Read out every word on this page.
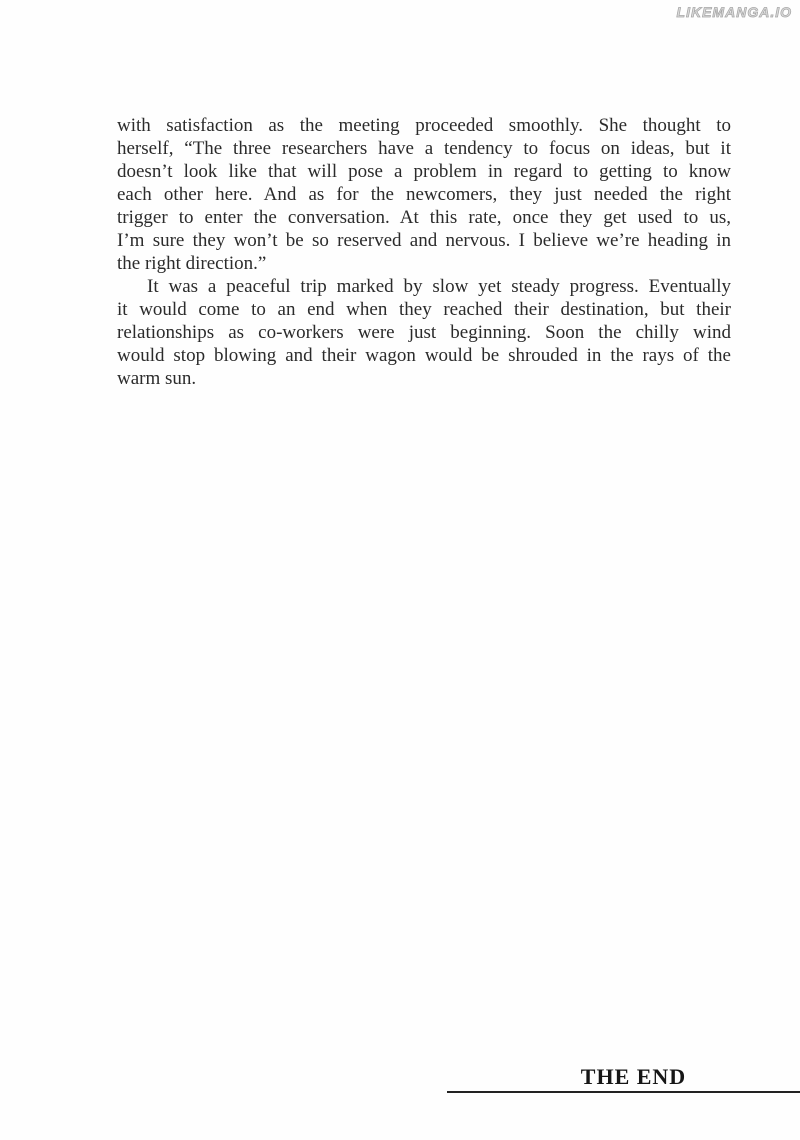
LIKEMANGA.IO
with satisfaction as the meeting proceeded smoothly. She thought to
herself, “The three researchers have a tendency to focus on ideas, but it
doesn’t look like that will pose a problem in regard to getting to know
each other here. And as for the newcomers, they just needed the right
trigger to enter the conversation. At this rate, once they get used to us,
I’m sure they won’t be so reserved and nervous. I believe we’re heading in
the right direction.”
It was a peaceful trip marked by slow yet steady progress. Eventually
it would come to an end when they reached their destination, but their
relationships as co-workers were just beginning. Soon the chilly wind
would stop blowing and their wagon would be shrouded in the rays of the
warm sun.
THE END
